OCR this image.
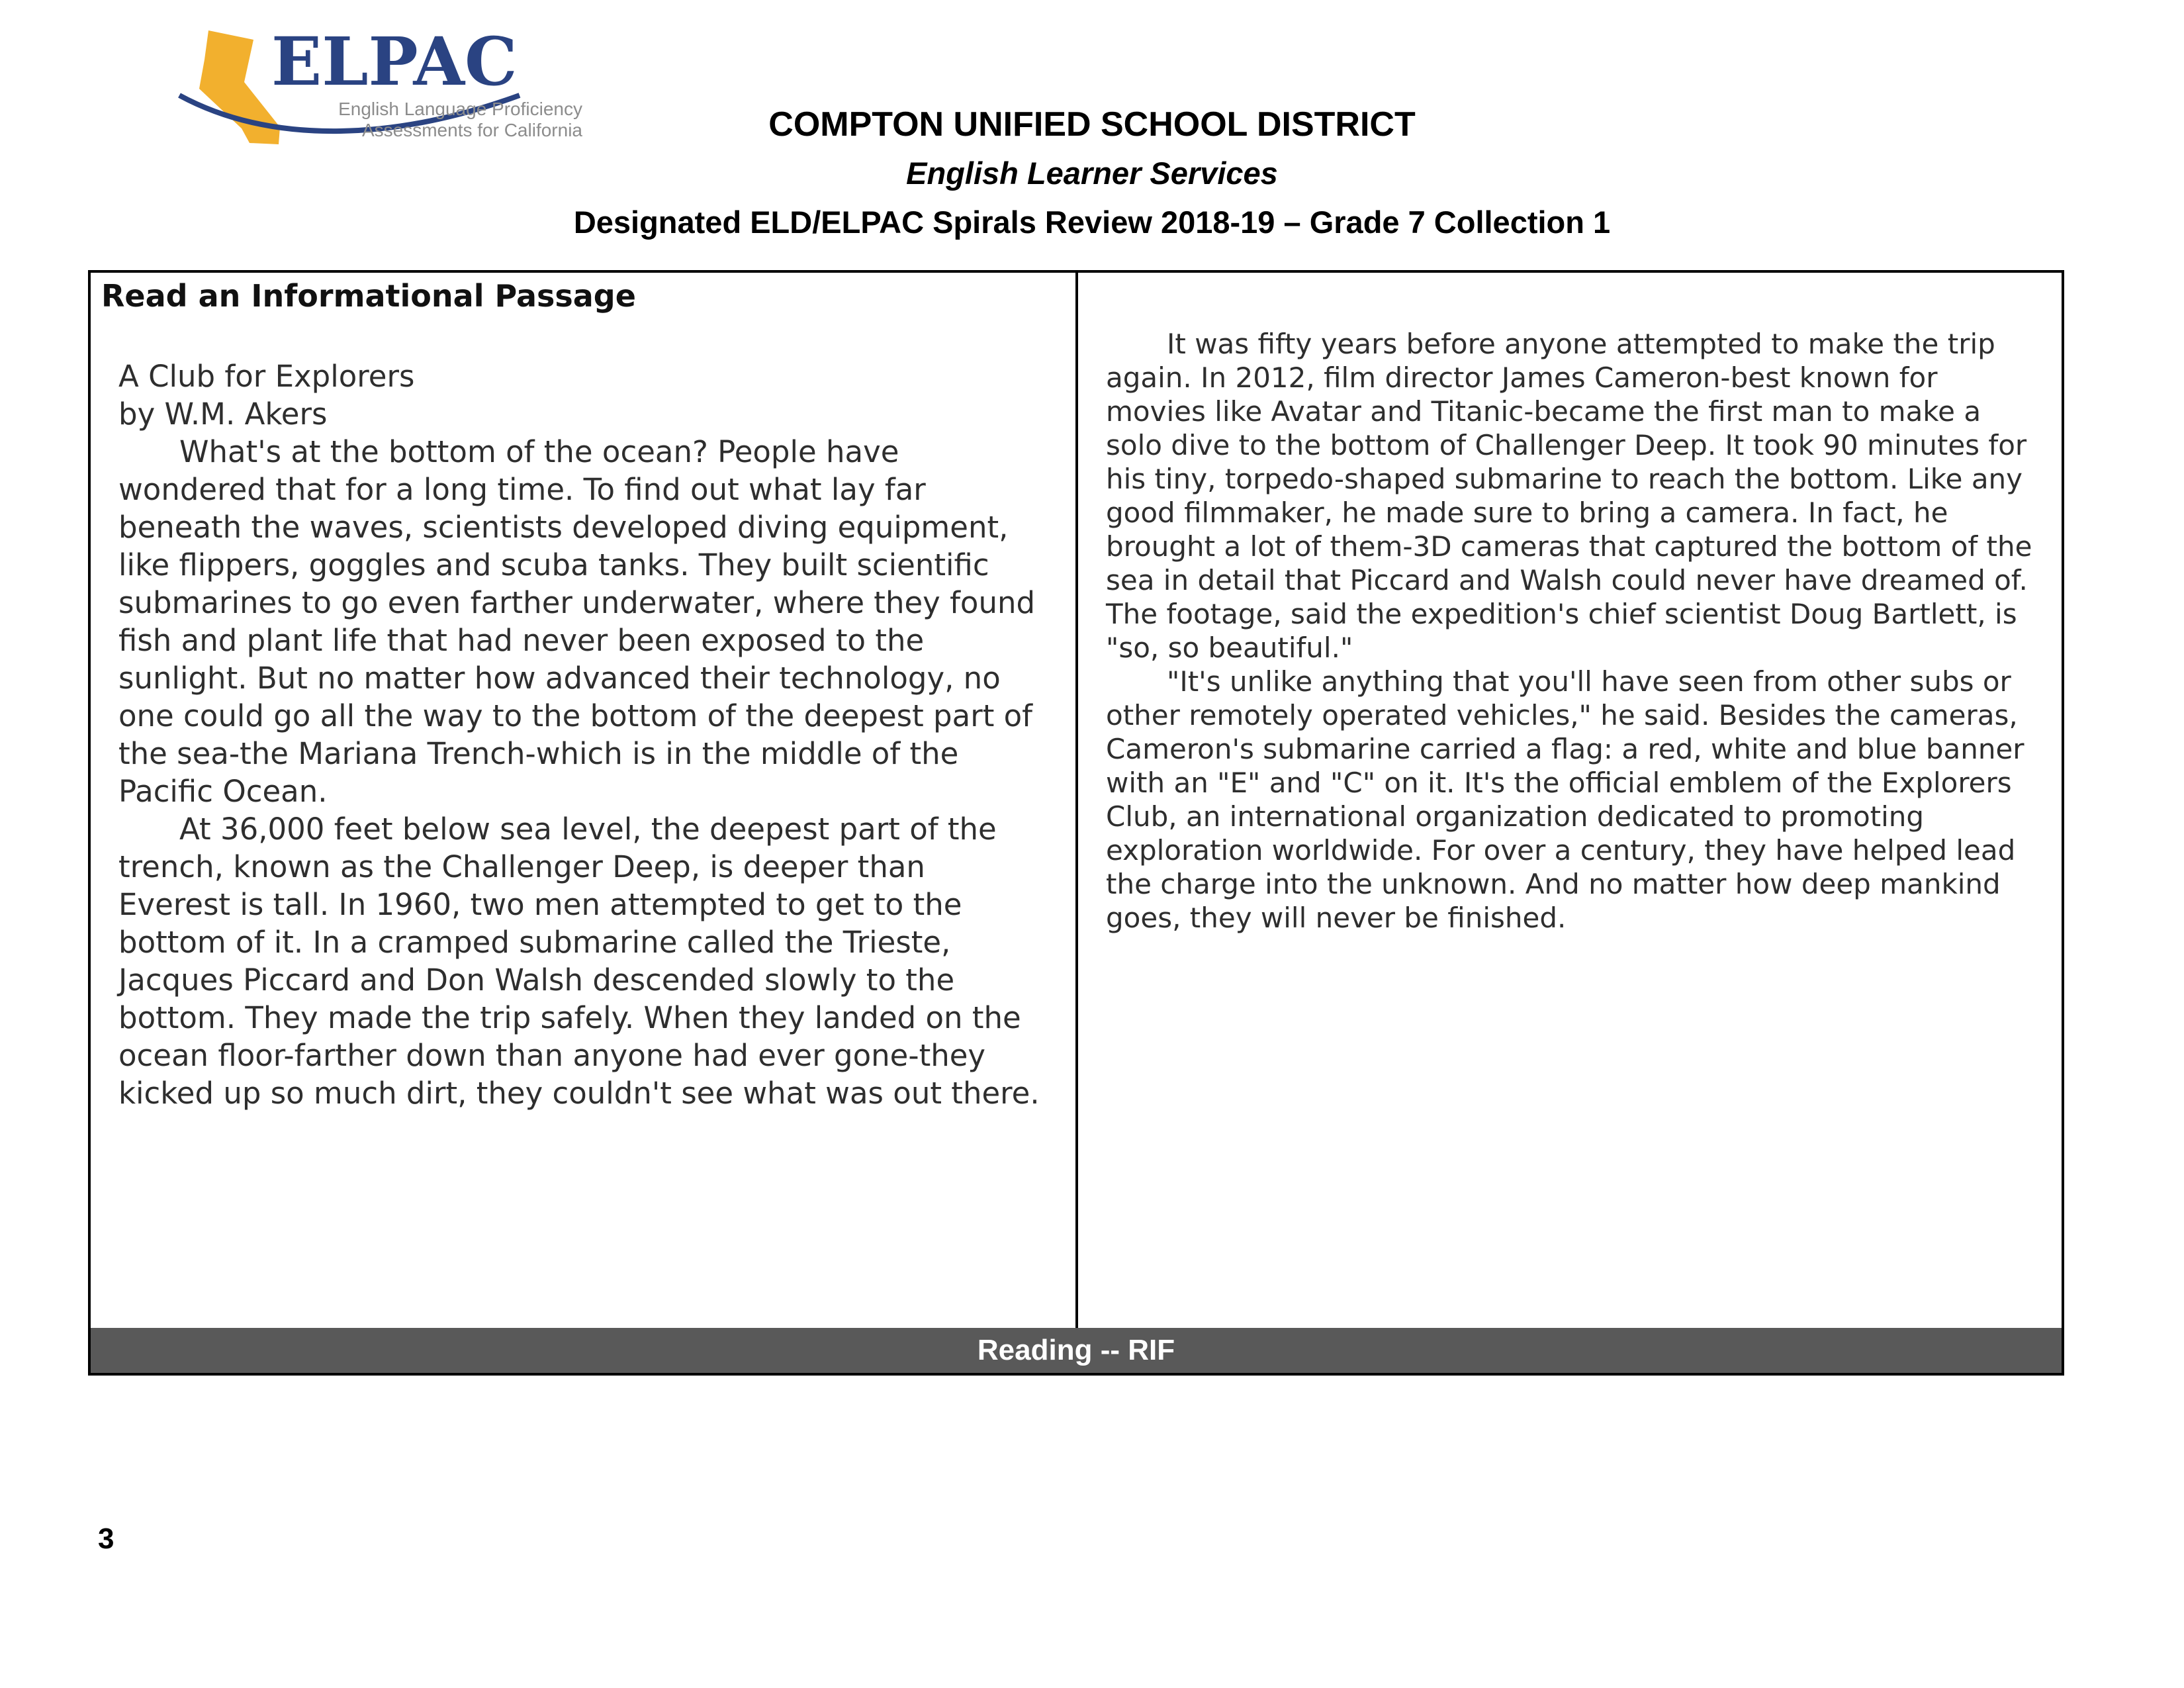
ELPAC
English Language Proficiency
Assessments for California	COMPTON UNIFIED SCHOOL DISTRICT
English Learner Services
Designated ELD/ELPAC Spirals Review 2018-19 – Grade 7 Collection 1
Read an Informational Passage

A Club for Explorers

by W.M. Akers

What's at the bottom of the ocean? People have wondered that for a long time. To find out what lay far beneath the waves, scientists developed diving equipment, like flippers, goggles and scuba tanks. They built scientific submarines to go even farther underwater, where they found fish and plant life that had never been exposed to the sunlight. But no matter how advanced their technology, no one could go all the way to the bottom of the deepest part of the sea-the Mariana Trench-which is in the middle of the Pacific Ocean.

At 36,000 feet below sea level, the deepest part of the trench, known as the Challenger Deep, is deeper than Everest is tall. In 1960, two men attempted to get to the bottom of it. In a cramped submarine called the Trieste, Jacques Piccard and Don Walsh descended slowly to the bottom. They made the trip safely. When they landed on the ocean floor-farther down than anyone had ever gone-they kicked up so much dirt, they couldn't see what was out there.

It was fifty years before anyone attempted to make the trip again. In 2012, film director James Cameron-best known for movies like Avatar and Titanic-became the first man to make a solo dive to the bottom of Challenger Deep. It took 90 minutes for his tiny, torpedo-shaped submarine to reach the bottom. Like any good filmmaker, he made sure to bring a camera. In fact, he brought a lot of them-3D cameras that captured the bottom of the sea in detail that Piccard and Walsh could never have dreamed of. The footage, said the expedition's chief scientist Doug Bartlett, is "so, so beautiful."

"It's unlike anything that you'll have seen from other subs or other remotely operated vehicles," he said. Besides the cameras, Cameron's submarine carried a flag: a red, white and blue banner with an "E" and "C" on it. It's the official emblem of the Explorers Club, an international organization dedicated to promoting exploration worldwide. For over a century, they have helped lead the charge into the unknown. And no matter how deep mankind goes, they will never be finished.

Reading -- RIF
3
